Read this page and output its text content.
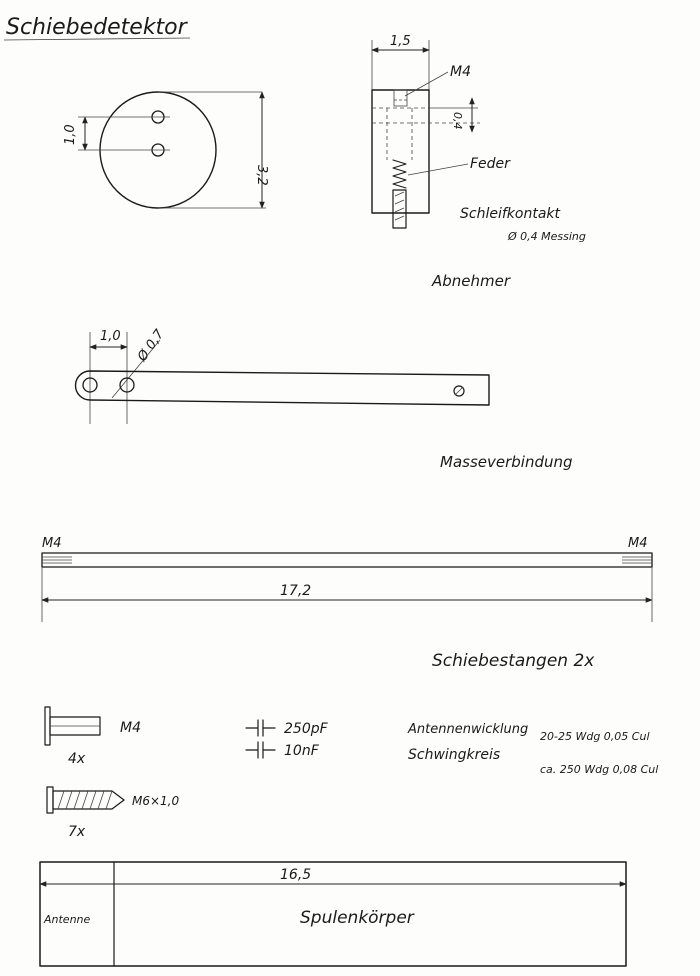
Schiebedetektor
1,0
3,2
1,5
M4
0,4
Feder
Schleifkontakt
Ø 0,4 Messing
Abnehmer
1,0 Ø 0,7
Masseverbindung
M4	M4
17,2
Schiebestangen 2x
M4
4x
M6×1,0
7x
250pF
10nF
Antennenwicklung 20-25 Wdg 0,05 Cul
Schwingkreis
ca. 250 Wdg 0,08 Cul
16,5
Antenne	Spulenkörper
